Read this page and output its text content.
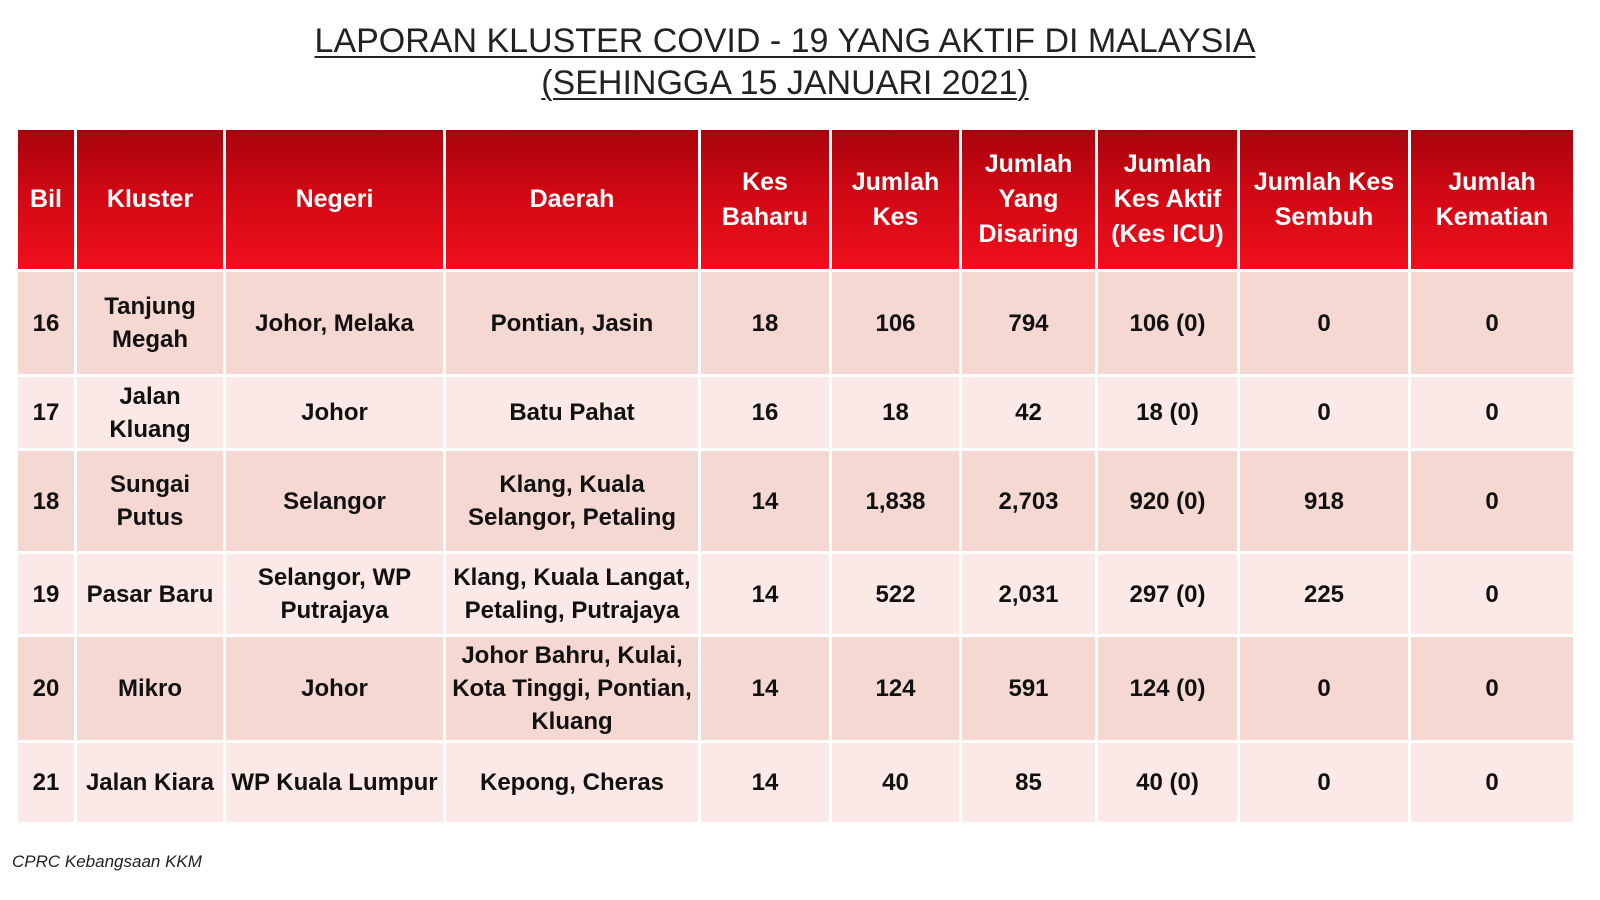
LAPORAN KLUSTER COVID - 19 YANG AKTIF DI MALAYSIA
(SEHINGGA 15 JANUARI 2021)
Bil	Kluster	Negeri	Daerah	Kes Baharu	Jumlah Kes	Jumlah Yang Disaring	Jumlah Kes Aktif (Kes ICU)	Jumlah Kes Sembuh	Jumlah Kematian
16	Tanjung Megah	Johor, Melaka	Pontian, Jasin	18	106	794	106 (0)	0	0
17	Jalan Kluang	Johor	Batu Pahat	16	18	42	18 (0)	0	0
18	Sungai Putus	Selangor	Klang, Kuala Selangor, Petaling	14	1,838	2,703	920 (0)	918	0
19	Pasar Baru	Selangor, WP Putrajaya	Klang, Kuala Langat, Petaling, Putrajaya	14	522	2,031	297 (0)	225	0
20	Mikro	Johor	Johor Bahru, Kulai, Kota Tinggi, Pontian, Kluang	14	124	591	124 (0)	0	0
21	Jalan Kiara	WP Kuala Lumpur	Kepong, Cheras	14	40	85	40 (0)	0	0
CPRC Kebangsaan KKM
